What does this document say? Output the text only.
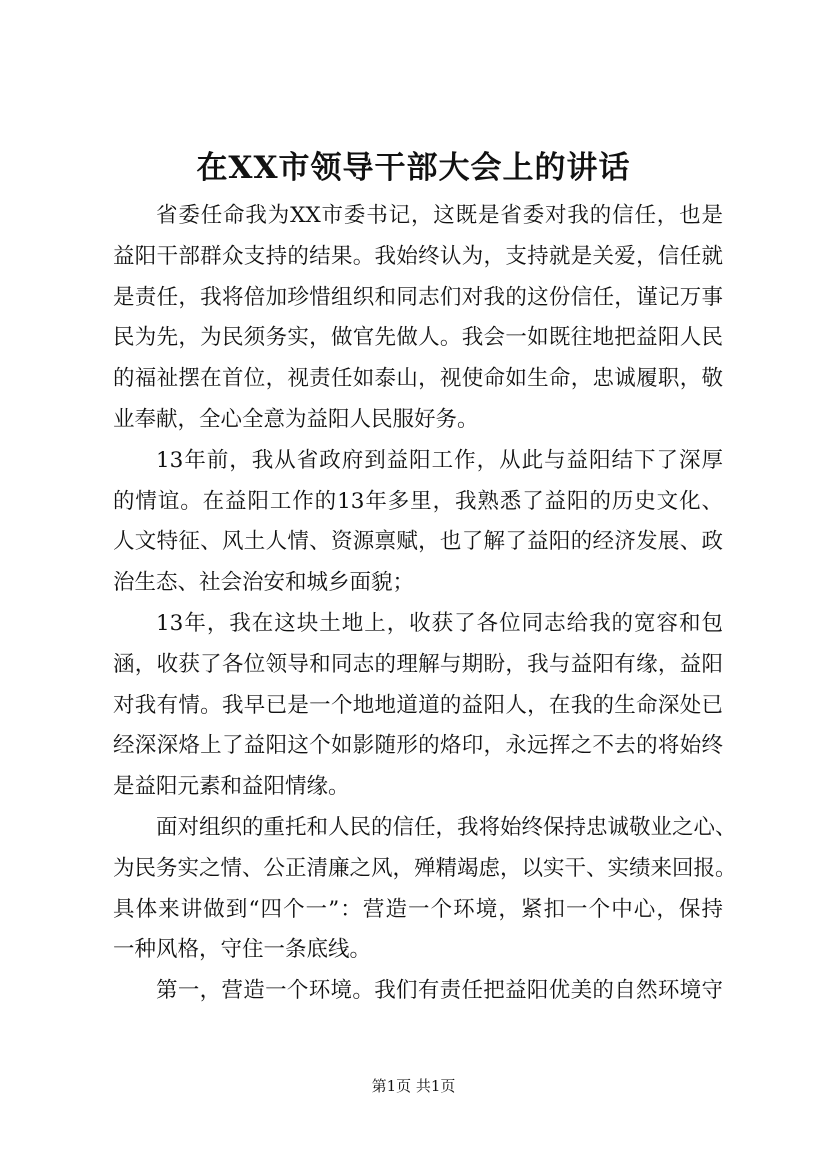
在XX市领导干部大会上的讲话
省委任命我为XX市委书记，这既是省委对我的信任，也是
益阳干部群众支持的结果。我始终认为，支持就是关爱，信任就
是责任，我将倍加珍惜组织和同志们对我的这份信任，谨记万事
民为先，为民须务实，做官先做人。我会一如既往地把益阳人民
的福祉摆在首位，视责任如泰山，视使命如生命，忠诚履职，敬
业奉献，全心全意为益阳人民服好务。
13年前，我从省政府到益阳工作，从此与益阳结下了深厚
的情谊。在益阳工作的13年多里，我熟悉了益阳的历史文化、
人文特征、风土人情、资源禀赋，也了解了益阳的经济发展、政
治生态、社会治安和城乡面貌；
13年，我在这块土地上，收获了各位同志给我的宽容和包
涵，收获了各位领导和同志的理解与期盼，我与益阳有缘，益阳
对我有情。我早已是一个地地道道的益阳人，在我的生命深处已
经深深烙上了益阳这个如影随形的烙印，永远挥之不去的将始终
是益阳元素和益阳情缘。
面对组织的重托和人民的信任，我将始终保持忠诚敬业之心、
为民务实之情、公正清廉之风，殚精竭虑，以实干、实绩来回报。
具体来讲做到“四个一”：营造一个环境，紧扣一个中心，保持
一种风格，守住一条底线。
第一，营造一个环境。我们有责任把益阳优美的自然环境守
第1页 共1页
